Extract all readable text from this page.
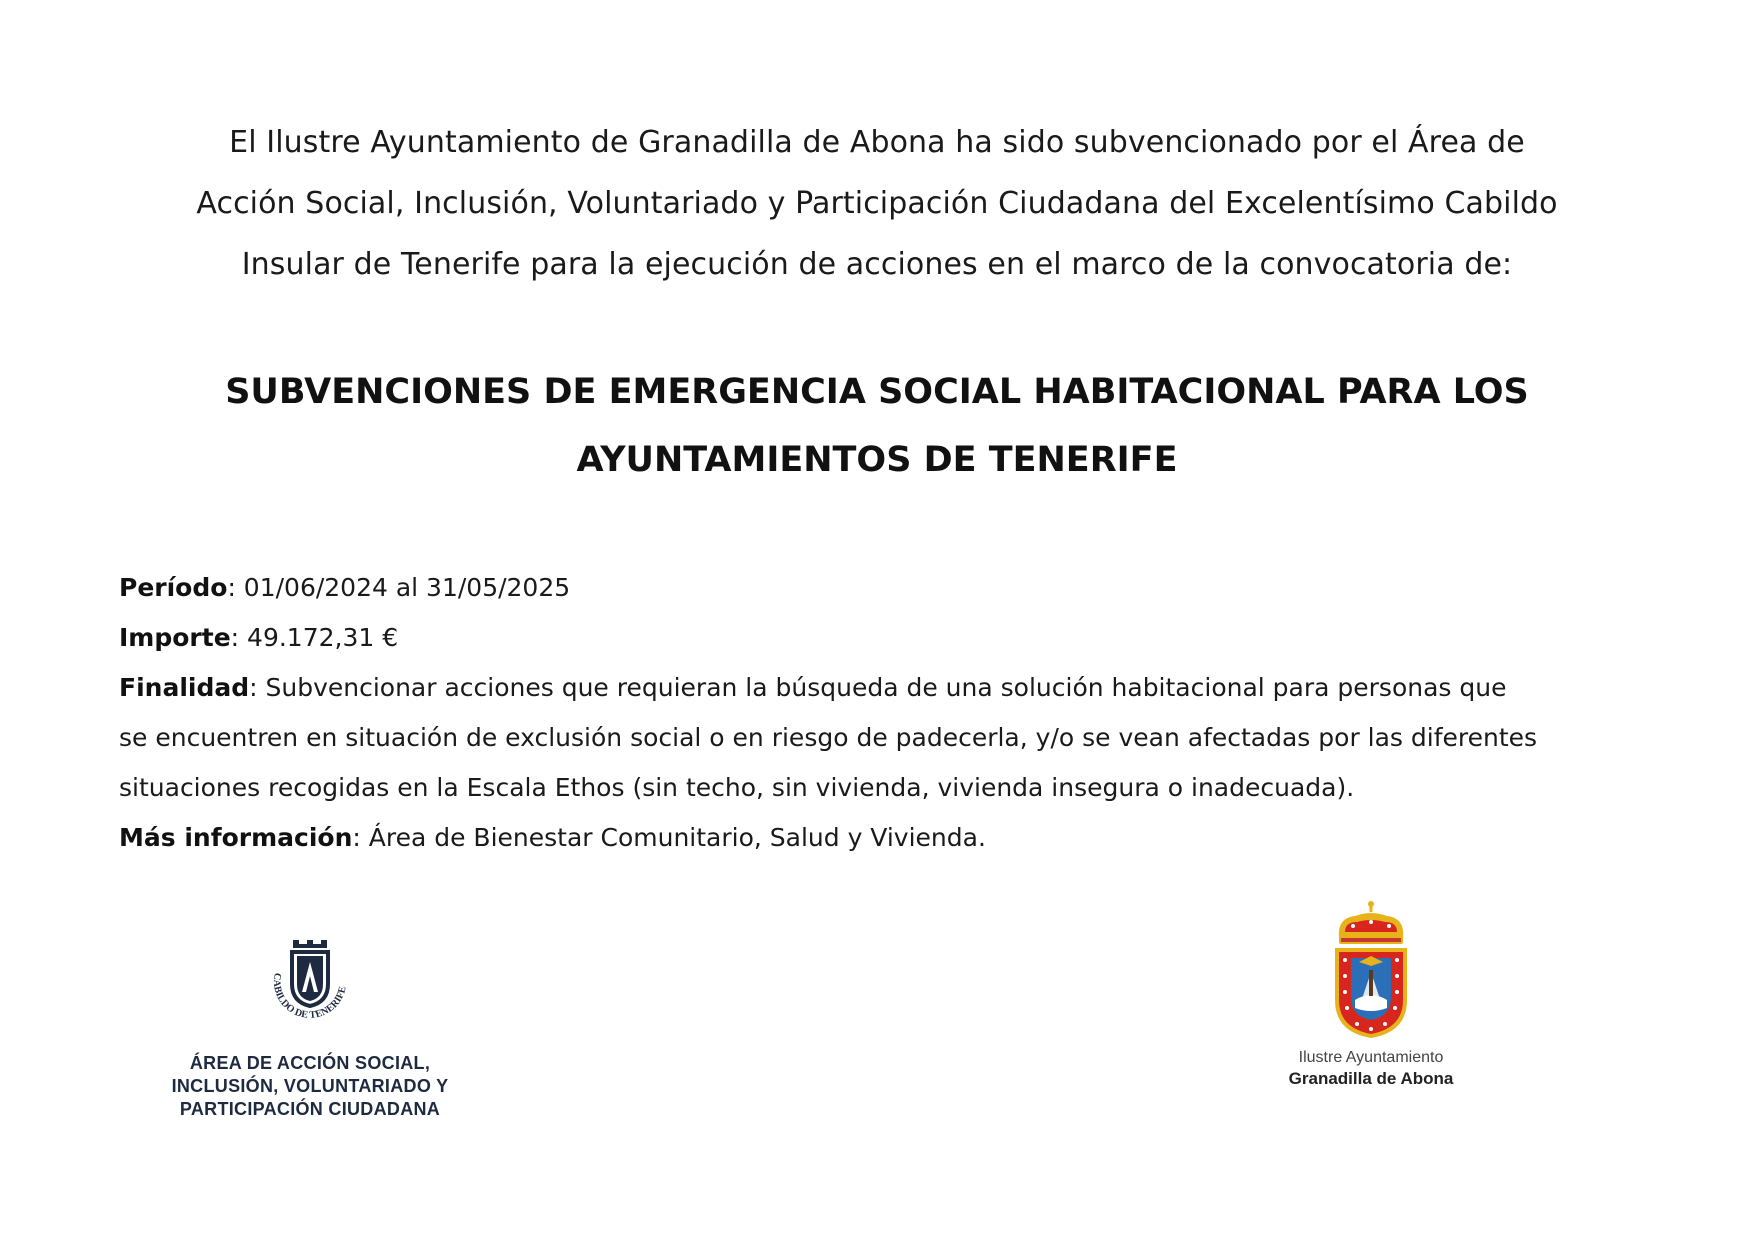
El Ilustre Ayuntamiento de Granadilla de Abona ha sido subvencionado por el Área de
Acción Social, Inclusión, Voluntariado y Participación Ciudadana del Excelentísimo Cabildo
Insular de Tenerife para la ejecución de acciones en el marco de la convocatoria de:
SUBVENCIONES DE EMERGENCIA SOCIAL HABITACIONAL PARA LOS
AYUNTAMIENTOS DE TENERIFE
Período: 01/06/2024 al 31/05/2025
Importe: 49.172,31 €
Finalidad: Subvencionar acciones que requieran la búsqueda de una solución habitacional para personas que
se encuentren en situación de exclusión social o en riesgo de padecerla, y/o se vean afectadas por las diferentes
situaciones recogidas en la Escala Ethos (sin techo, sin vivienda, vivienda insegura o inadecuada).
Más información: Área de Bienestar Comunitario, Salud y Vivienda.
CABILDO DE TENERIFE
ÁREA DE ACCIÓN SOCIAL,
INCLUSIÓN, VOLUNTARIADO Y
PARTICIPACIÓN CIUDADANA
Ilustre Ayuntamiento
Granadilla de Abona
